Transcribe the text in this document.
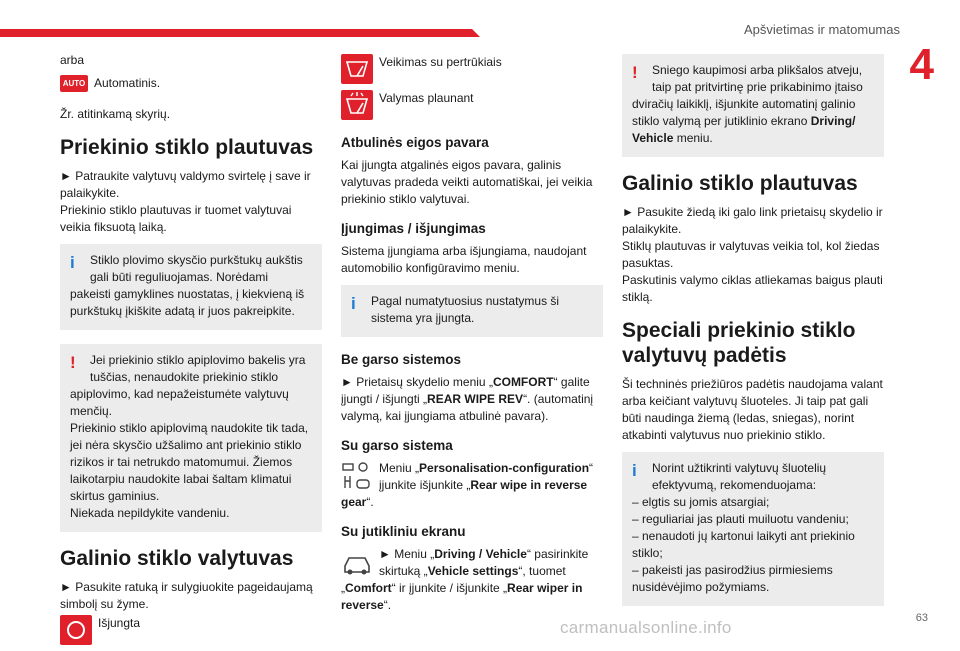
Apšvietimas ir matomumas
4
63
carmanualsonline.info

arba

AUTO Automatinis.

Žr. atitinkamą skyrių.

Priekinio stiklo plautuvas

► Patraukite valytuvų valdymo svirtelę į save ir palaikykite.

Priekinio stiklo plautuvas ir tuomet valytuvai veikia fiksuotą laiką.

i	Stiklo plovimo skysčio purkštukų aukštis gali būti reguliuojamas. Norėdami
pakeisti gamyklines nuostatas, į kiekvieną iš purkštukų įkiškite adatą ir juos pakreipkite.
!	Jei priekinio stiklo apiplovimo bakelis yra tuščias, nenaudokite priekinio stiklo
apiplovimo, kad nepažeistumėte valytuvų menčių.
Priekinio stiklo apiplovimą naudokite tik tada, jei nėra skysčio užšalimo ant priekinio stiklo rizikos ir tai netrukdo matomumui. Žiemos laikotarpiu naudokite labai šaltam klimatui skirtus gaminius.
Niekada nepildykite vandeniu.
Galinio stiklo valytuvas

► Pasukite ratuką ir sulygiuokite pageidaujamą simbolį su žyme.

Išjungta
Veikimas su pertrūkiais
Valymas plaunant
Atbulinės eigos pavara

Kai įjungta atgalinės eigos pavara, galinis valytuvas pradeda veikti automatiškai, jei veikia priekinio stiklo valytuvai.

Įjungimas / išjungimas

Sistema įjungiama arba išjungiama, naudojant automobilio konfigūravimo meniu.

i	Pagal numatytuosius nustatymus ši sistema yra įjungta.
Be garso sistemos

► Prietaisų skydelio meniu „COMFORT“ galite įjungti / išjungti „REAR WIPE REV“. (automatinį valymą, kai įjungiama atbulinė pavara).

Su garso sistema

Meniu „Personalisation-configuration“ įjunkite išjunkite „Rear wipe in reverse gear“.

Su jutikliniu ekranu

► Meniu „Driving / Vehicle“ pasirinkite skirtuką „Vehicle settings“, tuomet „Comfort“ ir įjunkite / išjunkite „Rear wiper in reverse“.

!	Sniego kaupimosi arba plikšalos atveju, taip pat pritvirtinę prie prikabinimo įtaiso
dviračių laikiklį, išjunkite automatinį galinio stiklo valymą per jutiklinio ekrano Driving/ Vehicle meniu.
Galinio stiklo plautuvas

► Pasukite žiedą iki galo link prietaisų skydelio ir palaikykite.

Stiklų plautuvas ir valytuvas veikia tol, kol žiedas pasuktas.

Paskutinis valymo ciklas atliekamas baigus plauti stiklą.

Speciali priekinio stiklo valytuvų padėtis

Ši techninės priežiūros padėtis naudojama valant arba keičiant valytuvų šluoteles. Ji taip pat gali būti naudinga žiemą (ledas, sniegas), norint atkabinti valytuvus nuo priekinio stiklo.

i	Norint užtikrinti valytuvų šluotelių efektyvumą, rekomenduojama:
– elgtis su jomis atsargiai;
– reguliariai jas plauti muiluotu vandeniu;
– nenaudoti jų kartonui laikyti ant priekinio stiklo;
– pakeisti jas pasirodžius pirmiesiems nusidėvėjimo požymiams.
